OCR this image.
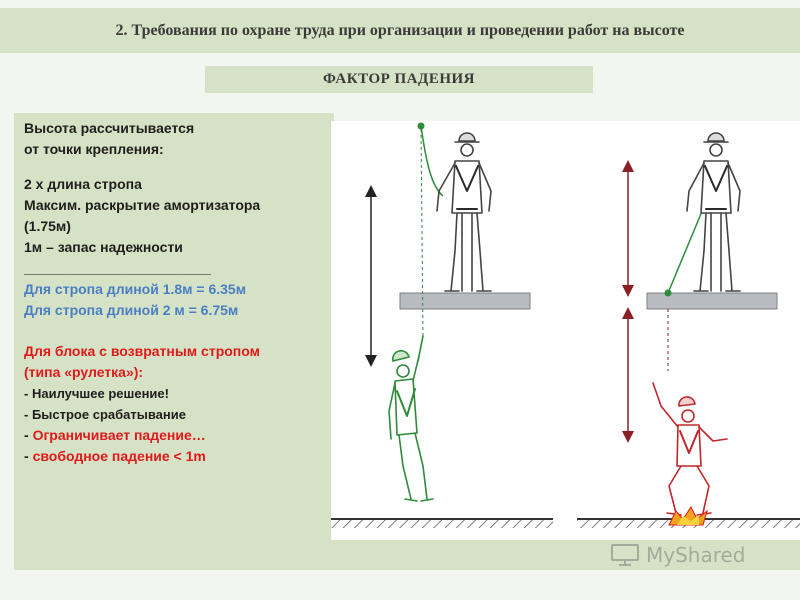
2. Требования по охране труда при организации и проведении работ на высоте
ФАКТОР ПАДЕНИЯ
Высота рассчитывается
от точки крепления:
2 х длина стропа
Максим. раскрытие амортизатора
(1.75м)
1м – запас надежности
________________________
Для стропа длиной 1.8м = 6.35м
Для стропа длиной 2 м = 6.75м
Для блока с возвратным стропом
(типа «рулетка»):
- Наилучшее решение!
- Быстрое срабатывание
- Ограничивает падение…
- свободное падение < 1m
MyShared
